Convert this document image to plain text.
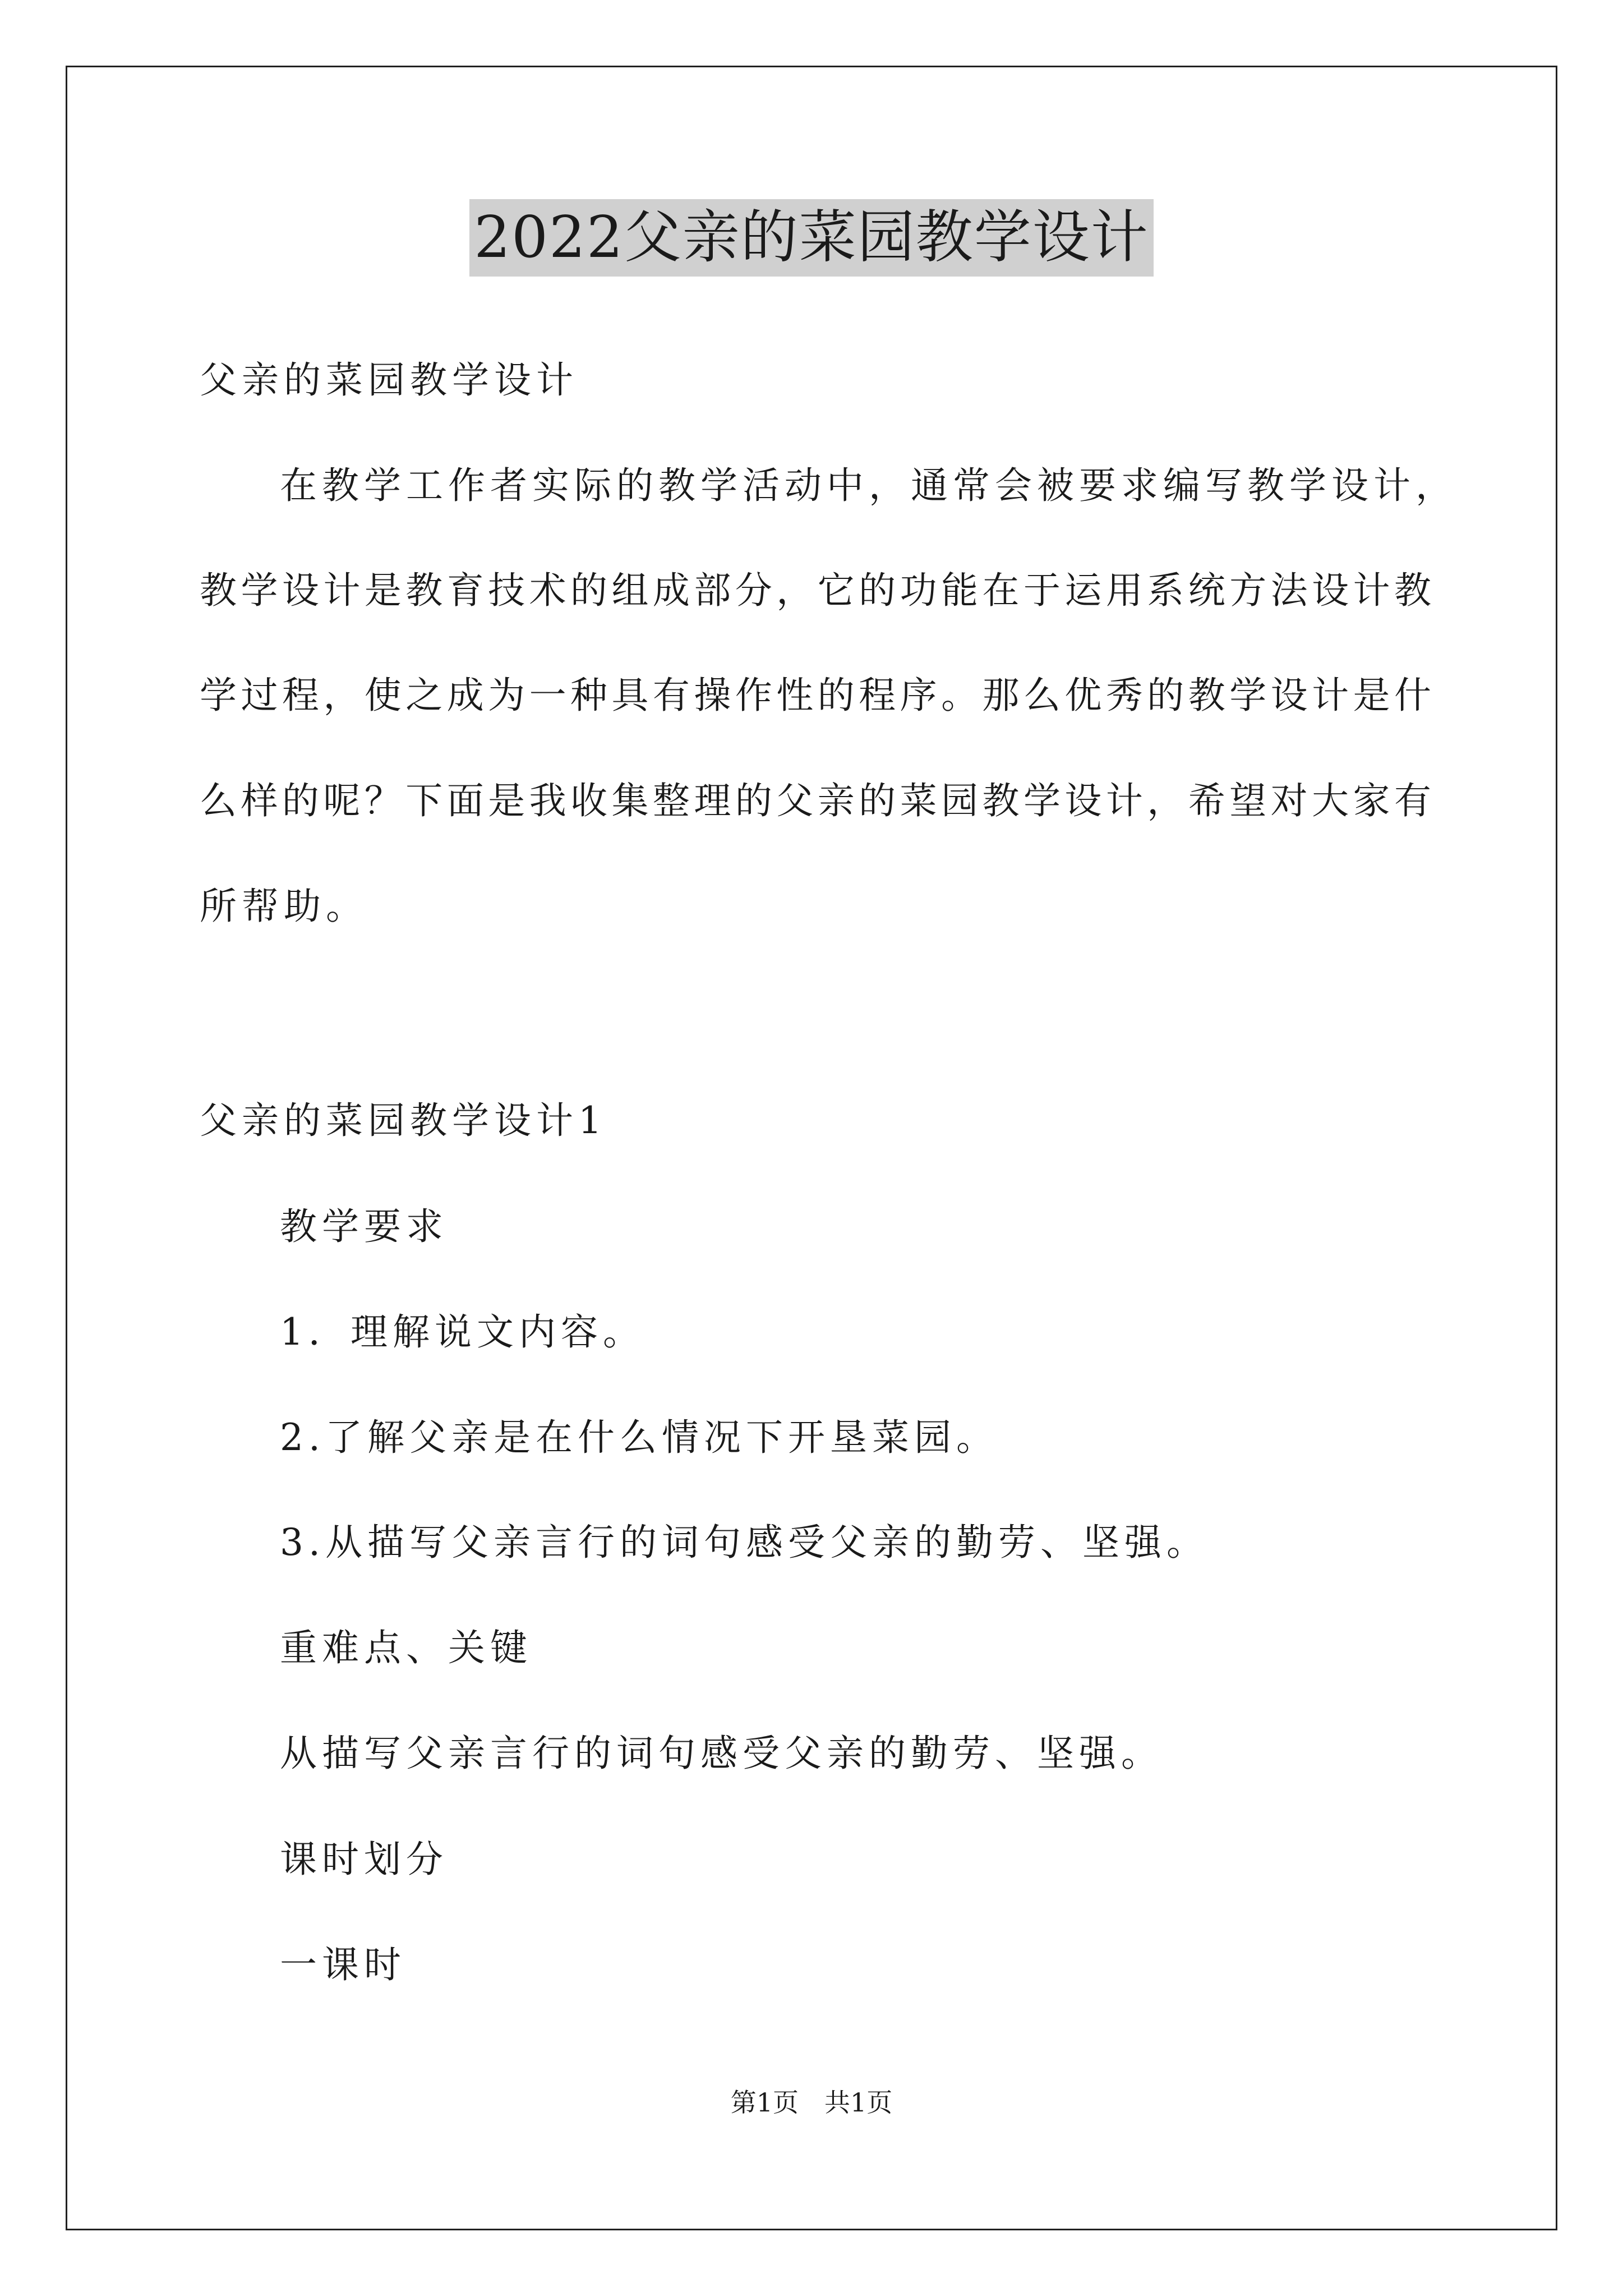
2022父亲的菜园教学设计
父亲的菜园教学设计
在教学工作者实际的教学活动中，通常会被要求编写教学设计，
教学设计是教育技术的组成部分，它的功能在于运用系统方法设计教
学过程，使之成为一种具有操作性的程序。那么优秀的教学设计是什
么样的呢？下面是我收集整理的父亲的菜园教学设计，希望对大家有
所帮助。
父亲的菜园教学设计1
教学要求
1．理解说文内容。
2.了解父亲是在什么情况下开垦菜园。
3.从描写父亲言行的词句感受父亲的勤劳、坚强。
重难点、关键
从描写父亲言行的词句感受父亲的勤劳、坚强。
课时划分
一课时
第1页 共1页
